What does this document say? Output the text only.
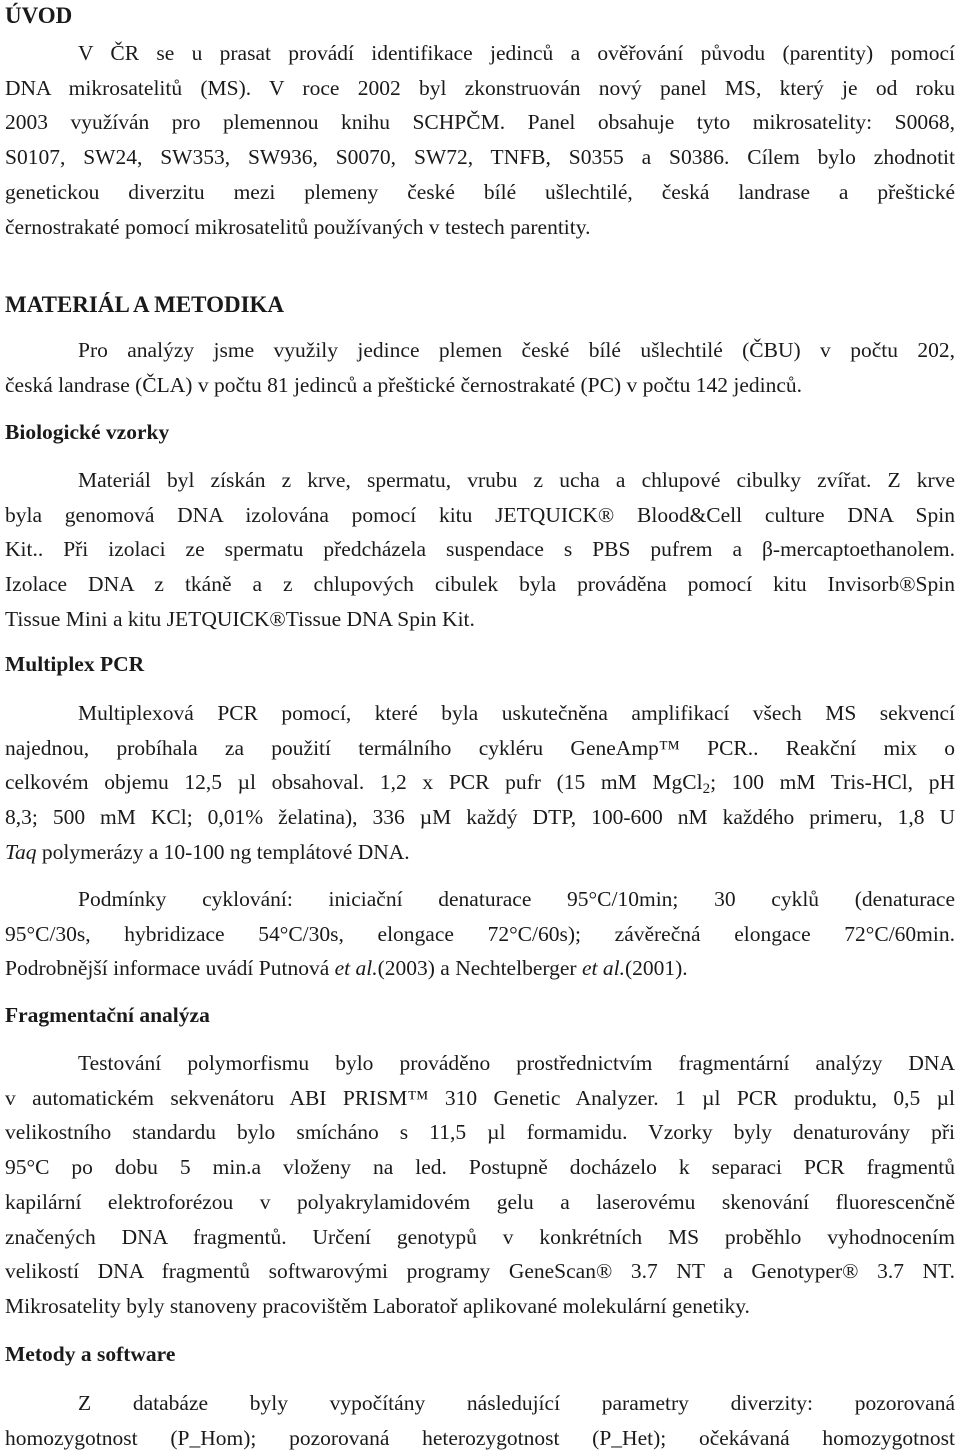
ÚVOD

V ČR se u prasat provádí identifikace jedinců a ověřování původu (parentity) pomocí
DNA mikrosatelitů (MS). V roce 2002 byl zkonstruován nový panel MS, který je od roku
2003 využíván pro plemennou knihu SCHPČM. Panel obsahuje tyto mikrosatelity: S0068,
S0107, SW24, SW353, SW936, S0070, SW72, TNFB, S0355 a S0386. Cílem bylo zhodnotit
genetickou diverzitu mezi plemeny české bílé ušlechtilé, česká landrase a přeštické
černostrakaté pomocí mikrosatelitů používaných v testech parentity.

MATERIÁL A METODIKA

Pro analýzy jsme využily jedince plemen české bílé ušlechtilé (ČBU) v počtu 202,
česká landrase (ČLA) v počtu 81 jedinců a přeštické černostrakaté (PC) v počtu 142 jedinců.

Biologické vzorky

Materiál byl získán z krve, spermatu, vrubu z ucha a chlupové cibulky zvířat. Z krve
byla genomová DNA izolována pomocí kitu JETQUICK® Blood&Cell culture DNA Spin
Kit.. Při izolaci ze spermatu předcházela suspendace s PBS pufrem a β-mercaptoethanolem.
Izolace DNA z tkáně a z chlupových cibulek byla prováděna pomocí kitu Invisorb®Spin
Tissue Mini a kitu JETQUICK®Tissue DNA Spin Kit.

Multiplex PCR

Multiplexová PCR pomocí, které byla uskutečněna amplifikací všech MS sekvencí
najednou, probíhala za použití termálního cykléru GeneAmp™ PCR.. Reakční mix o
celkovém objemu 12,5 µl obsahoval. 1,2 x PCR pufr (15 mM MgCl$_2$; 100 mM Tris-HCl, pH
8,3; 500 mM KCl; 0,01% želatina), 336 µM každý DTP, 100-600 nM každého primeru, 1,8 U
Taq polymerázy a 10-100 ng templátové DNA.

Podmínky cyklování: iniciační denaturace 95°C/10min; 30 cyklů (denaturace
95°C/30s, hybridizace 54°C/30s, elongace 72°C/60s); závěrečná elongace 72°C/60min.
Podrobnější informace uvádí Putnová et al.(2003) a Nechtelberger et al.(2001).

Fragmentační analýza

Testování polymorfismu bylo prováděno prostřednictvím fragmentární analýzy DNA
v automatickém sekvenátoru ABI PRISM™ 310 Genetic Analyzer. 1 µl PCR produktu, 0,5 µl
velikostního standardu bylo smícháno s 11,5 µl formamidu. Vzorky byly denaturovány při
95°C po dobu 5 min.a vloženy na led. Postupně docházelo k separaci PCR fragmentů
kapilární elektroforézou v polyakrylamidovém gelu a laserovému skenování fluorescenčně
značených DNA fragmentů. Určení genotypů v konkrétních MS proběhlo vyhodnocením
velikostí DNA fragmentů softwarovými programy GeneScan® 3.7 NT a Genotyper® 3.7 NT.
Mikrosatelity byly stanoveny pracovištěm Laboratoř aplikované molekulární genetiky.

Metody a software

Z databáze byly vypočítány následující parametry diverzity: pozorovaná
homozygotnost (P_Hom); pozorovaná heterozygotnost (P_Het); očekávaná homozygotnost
